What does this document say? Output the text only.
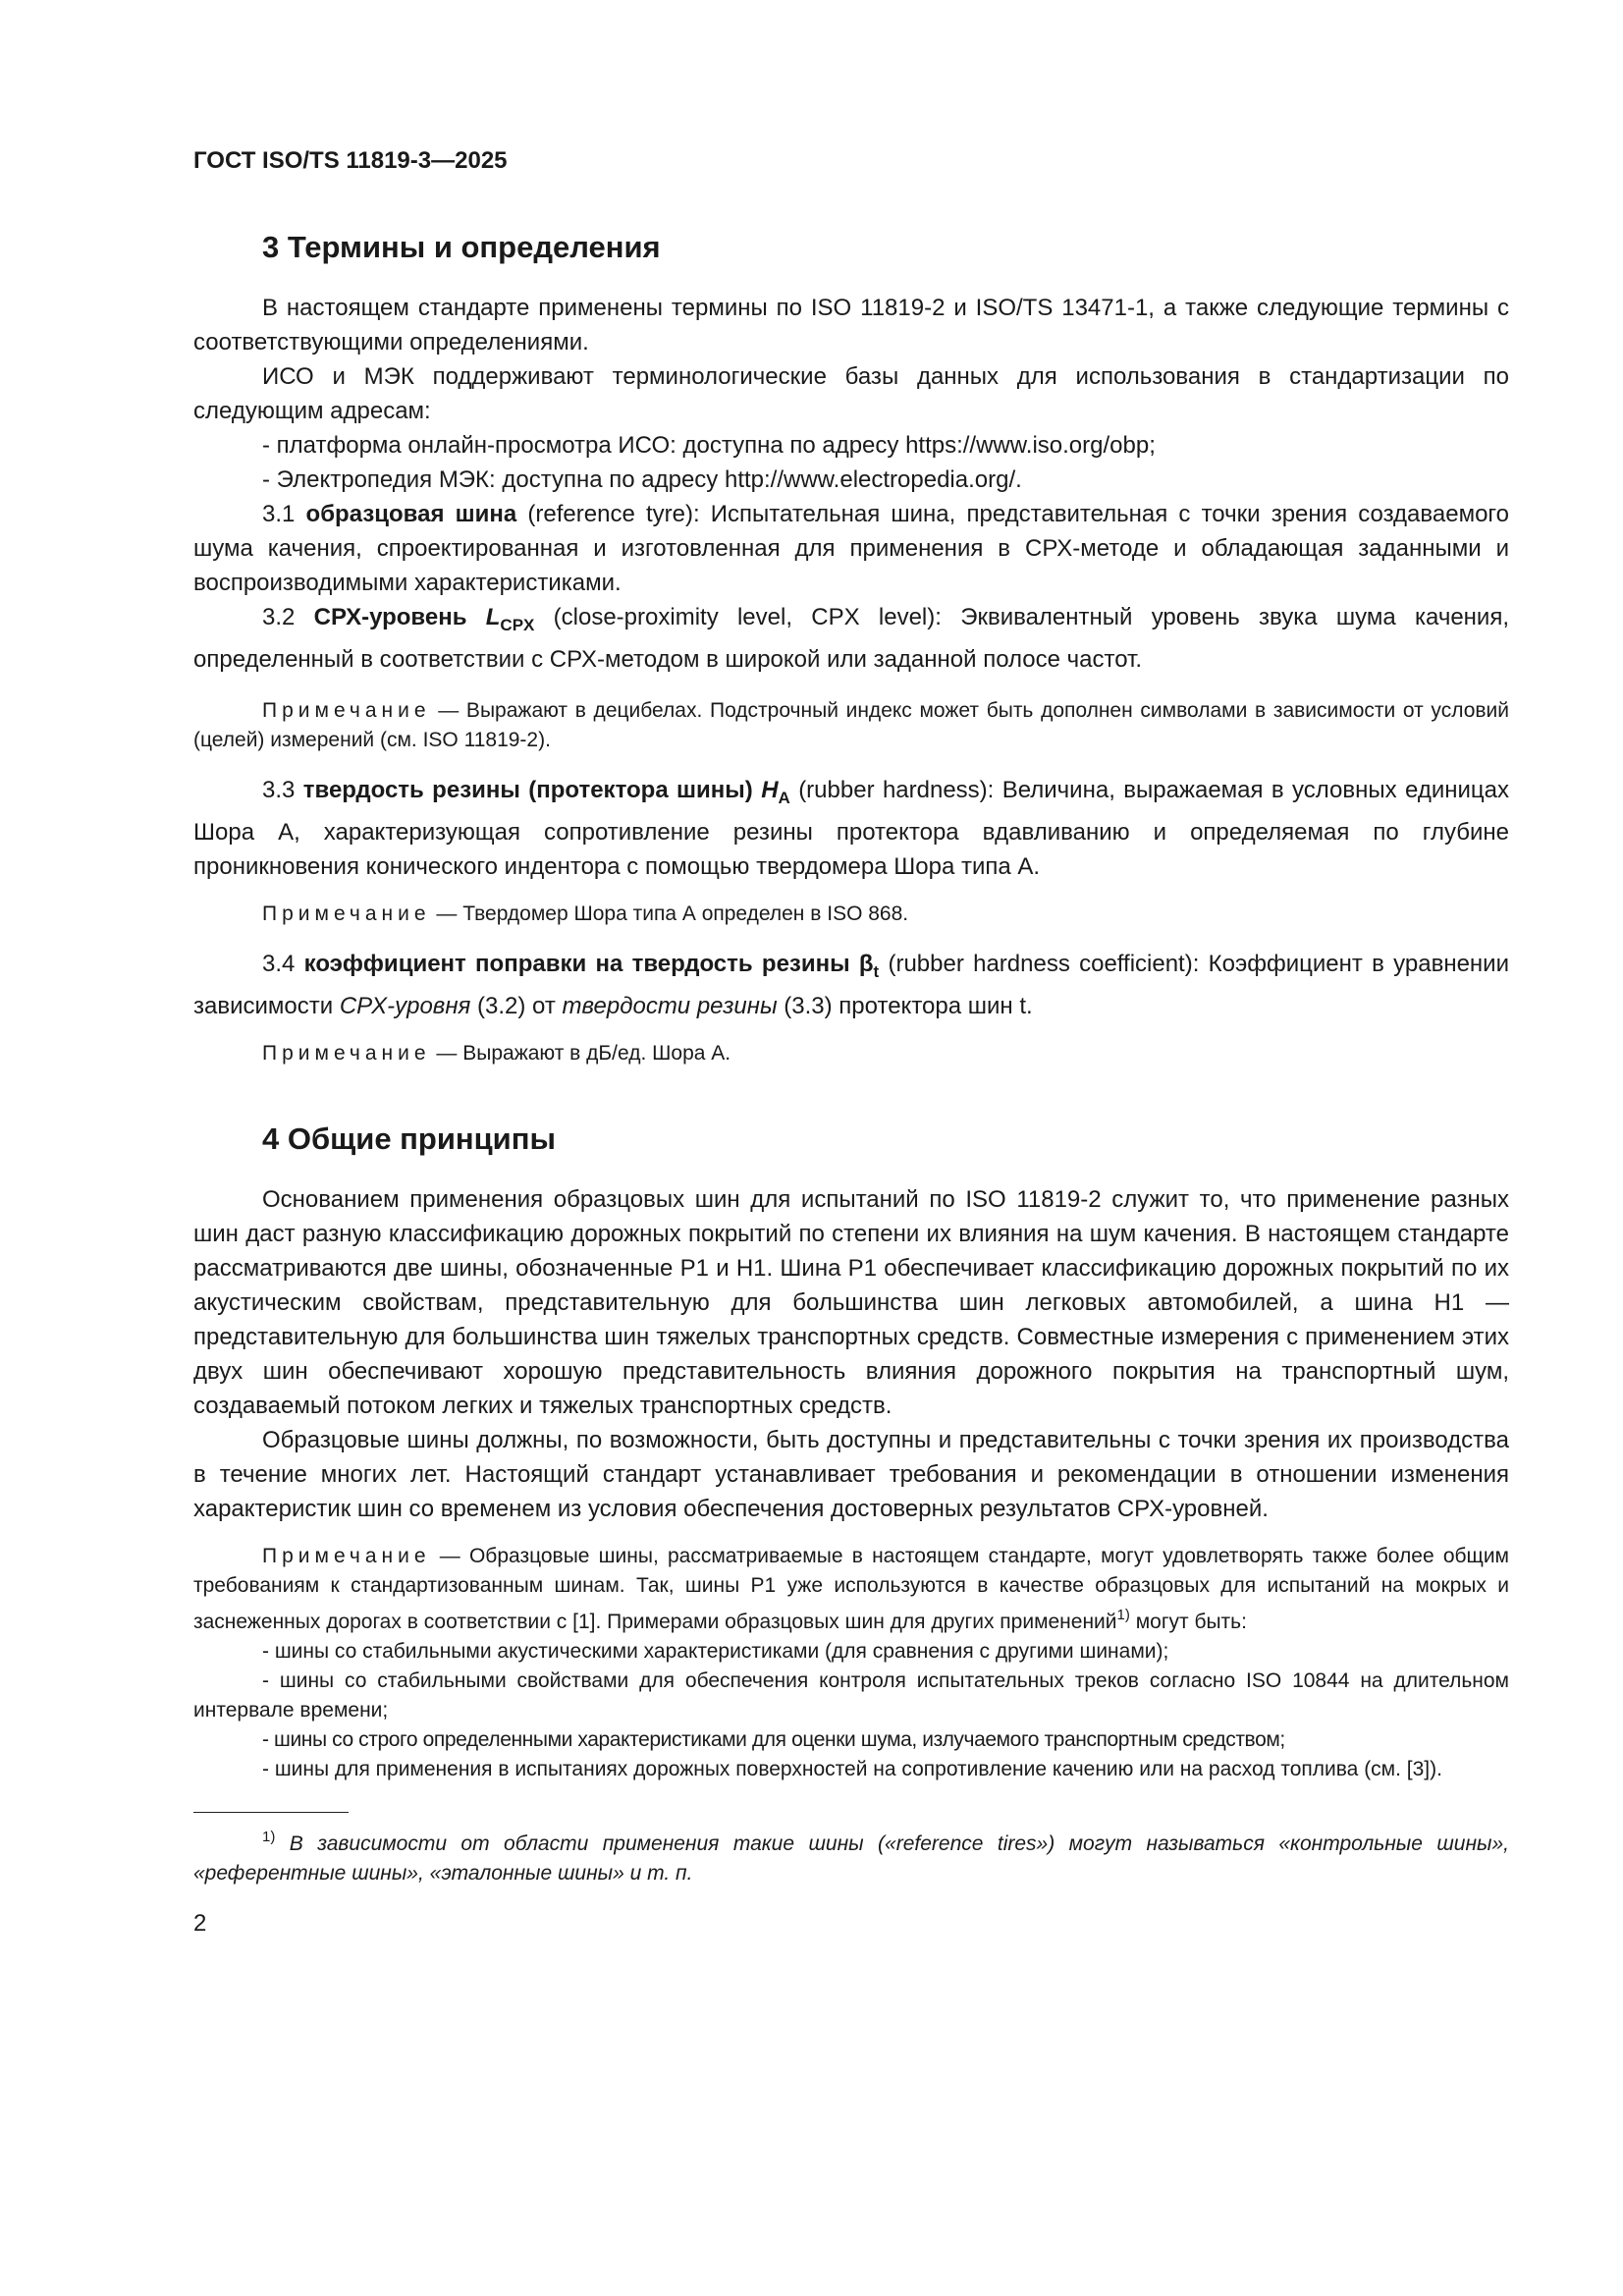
ГОСТ ISO/TS 11819-3—2025
3 Термины и определения

В настоящем стандарте применены термины по ISO 11819-2 и ISO/TS 13471-1, а также следующие термины с соответствующими определениями.

ИСО и МЭК поддерживают терминологические базы данных для использования в стандартизации по следующим адресам:

- платформа онлайн-просмотра ИСО: доступна по адресу https://www.iso.org/obp;

- Электропедия МЭК: доступна по адресу http://www.electropedia.org/.

3.1 образцовая шина (reference tyre): Испытательная шина, представительная с точки зрения создаваемого шума качения, спроектированная и изготовленная для применения в СРХ-методе и обладающая заданными и воспроизводимыми характеристиками.

3.2 СРХ-уровень $L_{CPX}$ (close-proximity level, CPX level): Эквивалентный уровень звука шума качения, определенный в соответствии с СРХ-методом в широкой или заданной полосе частот.

Примечание — Выражают в децибелах. Подстрочный индекс может быть дополнен символами в зависимости от условий (целей) измерений (см. ISO 11819-2).

3.3 твердость резины (протектора шины) $H_A$ (rubber hardness): Величина, выражаемая в условных единицах Шора А, характеризующая сопротивление резины протектора вдавливанию и определяемая по глубине проникновения конического индентора с помощью твердомера Шора типа А.

Примечание — Твердомер Шора типа А определен в ISO 868.

3.4 коэффициент поправки на твердость резины $\beta_t$ (rubber hardness coefficient): Коэффициент в уравнении зависимости СРХ-уровня (3.2) от твердости резины (3.3) протектора шин t.

Примечание — Выражают в дБ/ед. Шора А.
4 Общие принципы

Основанием применения образцовых шин для испытаний по ISO 11819-2 служит то, что применение разных шин даст разную классификацию дорожных покрытий по степени их влияния на шум качения. В настоящем стандарте рассматриваются две шины, обозначенные Р1 и Н1. Шина Р1 обеспечивает классификацию дорожных покрытий по их акустическим свойствам, представительную для большинства шин легковых автомобилей, а шина Н1 — представительную для большинства шин тяжелых транспортных средств. Совместные измерения с применением этих двух шин обеспечивают хорошую представительность влияния дорожного покрытия на транспортный шум, создаваемый потоком легких и тяжелых транспортных средств.

Образцовые шины должны, по возможности, быть доступны и представительны с точки зрения их производства в течение многих лет. Настоящий стандарт устанавливает требования и рекомендации в отношении изменения характеристик шин со временем из условия обеспечения достоверных результатов СРХ-уровней.

Примечание — Образцовые шины, рассматриваемые в настоящем стандарте, могут удовлетворять также более общим требованиям к стандартизованным шинам. Так, шины Р1 уже используются в качестве образцовых для испытаний на мокрых и заснеженных дорогах в соответствии с [1]. Примерами образцовых шин для других применений$^{1)}$ могут быть:
- шины со стабильными акустическими характеристиками (для сравнения с другими шинами);
- шины со стабильными свойствами для обеспечения контроля испытательных треков согласно ISO 10844 на длительном интервале времени;
- шины со строго определенными характеристиками для оценки шума, излучаемого транспортным средством;
- шины для применения в испытаниях дорожных поверхностей на сопротивление качению или на расход топлива (см. [3]).
$^{1)}$ В зависимости от области применения такие шины («reference tires») могут называться «контрольные шины», «референтные шины», «эталонные шины» и т. п.
2
